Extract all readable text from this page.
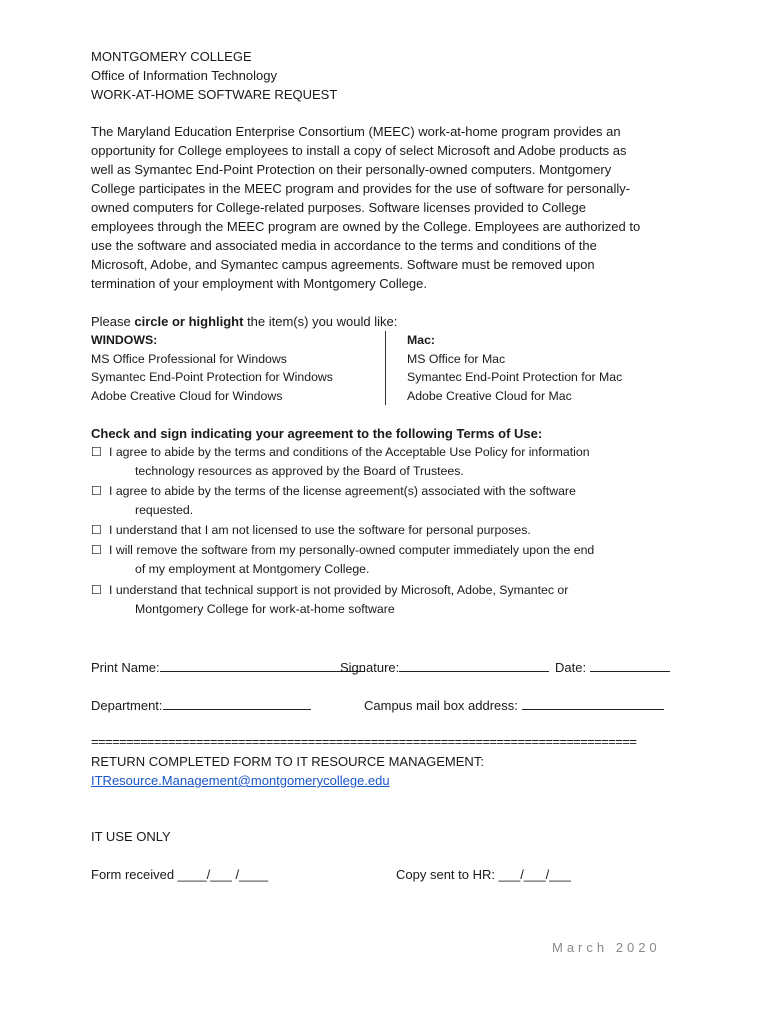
MONTGOMERY COLLEGE
Office of Information Technology
WORK-AT-HOME SOFTWARE REQUEST
The Maryland Education Enterprise Consortium (MEEC) work-at-home program provides an
opportunity for College employees to install a copy of select Microsoft and Adobe products as
well as Symantec End-Point Protection on their personally-owned computers. Montgomery
College participates in the MEEC program and provides for the use of software for personally-
owned computers for College-related purposes. Software licenses provided to College
employees through the MEEC program are owned by the College. Employees are authorized to
use the software and associated media in accordance to the terms and conditions of the
Microsoft, Adobe, and Symantec campus agreements. Software must be removed upon
termination of your employment with Montgomery College.
Please circle or highlight the item(s) you would like:
WINDOWS:
MS Office Professional for Windows
Symantec End-Point Protection for Windows
Adobe Creative Cloud for Windows
Mac:
MS Office for Mac
Symantec End-Point Protection for Mac
Adobe Creative Cloud for Mac
Check and sign indicating your agreement to the following Terms of Use:
☐ I agree to abide by the terms and conditions of the Acceptable Use Policy for information
technology resources as approved by the Board of Trustees.
☐ I agree to abide by the terms of the license agreement(s) associated with the software
requested.
☐ I understand that I am not licensed to use the software for personal purposes.
☐ I will remove the software from my personally-owned computer immediately upon the end
of my employment at Montgomery College.
☐ I understand that technical support is not provided by Microsoft, Adobe, Symantec or
Montgomery College for work-at-home software
Print Name:	Signature:	Date:
Department:	Campus mail box address:
==============================================================================
RETURN COMPLETED FORM TO IT RESOURCE MANAGEMENT:
ITResource.Management@montgomerycollege.edu
IT USE ONLY
Form received ____/___ /____	Copy sent to HR: ___/___/___
March 2020
